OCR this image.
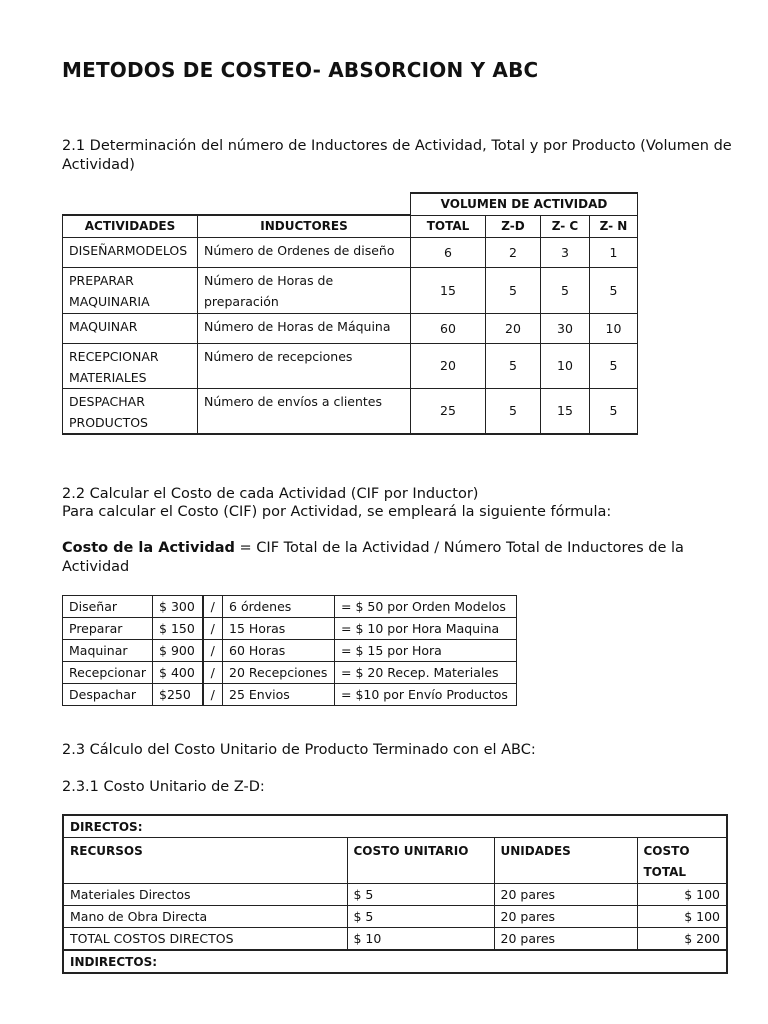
METODOS DE COSTEO- ABSORCION Y ABC

2.1 Determinación del número de Inductores de Actividad, Total y por Producto (Volumen de Actividad)

		VOLUMEN DE ACTIVIDAD			
ACTIVIDADES	INDUCTORES	TOTAL	Z-D	Z- C	Z- N
DISEÑARMODELOS	Número de Ordenes de diseño	6	2	3	1
PREPARAR MAQUINARIA	Número de Horas de preparación	15	5	5	5
MAQUINAR	Número de Horas de Máquina	60	20	30	10
RECEPCIONAR MATERIALES	Número de recepciones	20	5	10	5
DESPACHAR PRODUCTOS	Número de envíos a clientes	25	5	15	5

2.2 Calcular el Costo de cada Actividad (CIF por Inductor)

Para calcular el Costo (CIF) por Actividad, se empleará la siguiente fórmula:

Costo de la Actividad = CIF Total de la Actividad / Número Total de Inductores de la Actividad

Diseñar	$ 300	/	6 órdenes	= $ 50 por Orden Modelos
Preparar	$ 150	/	15 Horas	= $ 10 por Hora Maquina
Maquinar	$ 900	/	60 Horas	= $ 15 por Hora
Recepcionar	$ 400	/	20 Recepciones	= $ 20 Recep. Materiales
Despachar	$250	/	25 Envios	= $10 por Envío Productos

2.3 Cálculo del Costo Unitario de Producto Terminado con el ABC:

2.3.1 Costo Unitario de Z-D:

DIRECTOS:			
RECURSOS	COSTO UNITARIO	UNIDADES	COSTO TOTAL
Materiales Directos	$ 5	20 pares	$ 100
Mano de Obra Directa	$ 5	20 pares	$ 100
TOTAL COSTOS DIRECTOS	$ 10	20 pares	$ 200
INDIRECTOS:			
